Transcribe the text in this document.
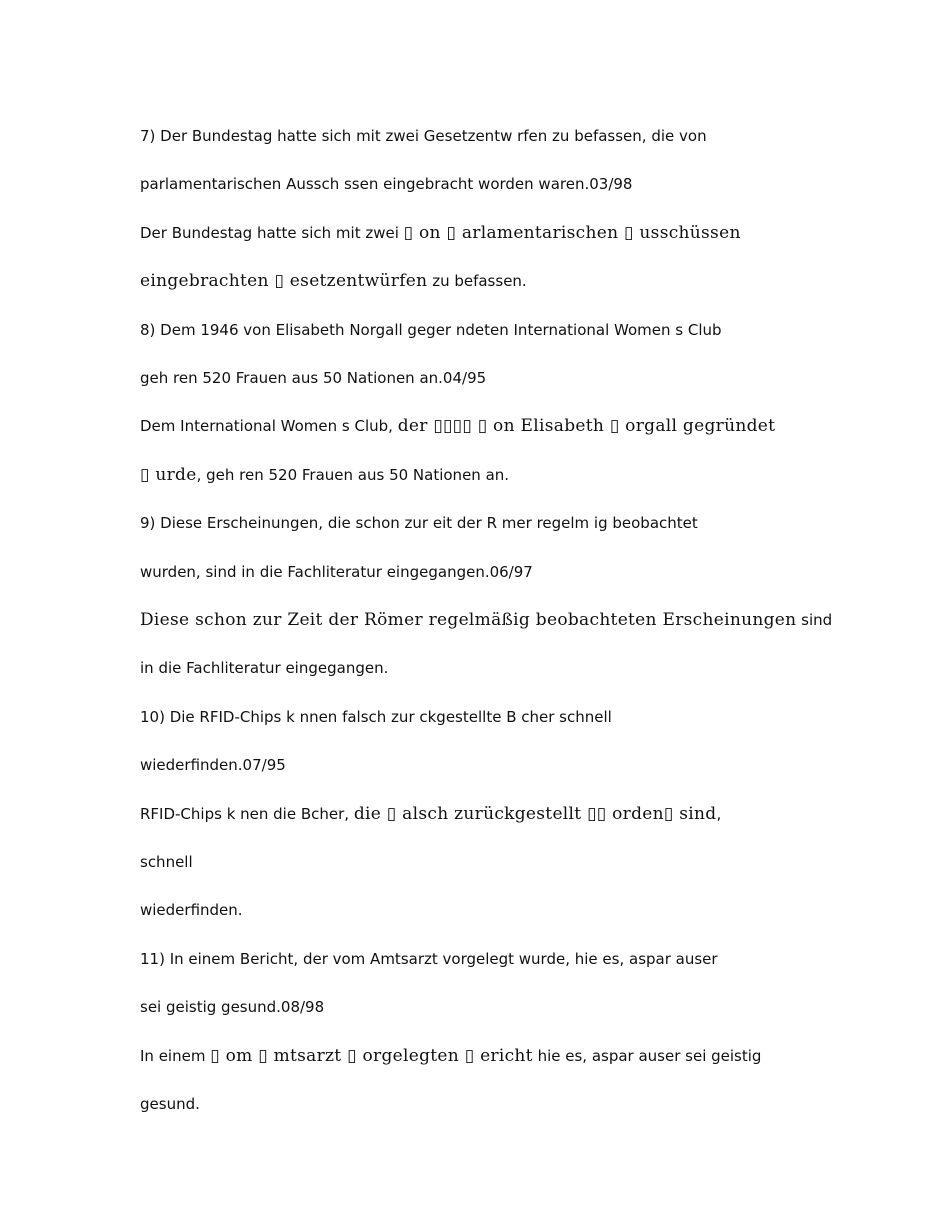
7) Der Bundestag hatte sich mit zwei Gesetzentw rfen zu befassen, die von
parlamentarischen Aussch ssen eingebracht worden waren.03/98
Der Bundestag hatte sich mit zwei ▯ on ▯ arlamentarischen ▯ usschüssen
eingebrachten ▯ esetzentwürfen zu befassen.
8) Dem 1946 von Elisabeth Norgall geger ndeten International Women s Club
geh ren 520 Frauen aus 50 Nationen an.04/95
Dem International Women s Club, der ▯▯▯▯ ▯ on Elisabeth ▯ orgall gegründet
▯ urde, geh ren 520 Frauen aus 50 Nationen an.
9) Diese Erscheinungen, die schon zur eit der R mer regelm ig beobachtet
wurden, sind in die Fachliteratur eingegangen.06/97
Diese schon zur Zeit der Römer regelmäßig beobachteten Erscheinungen sind
in die Fachliteratur eingegangen.
10) Die RFID-Chips k nnen falsch zur ckgestellte B cher schnell
wiederfinden.07/95
RFID-Chips k nen die Bcher, die ▯ alsch zurückgestellt ▯▯ orden▯ sind,
schnell
wiederfinden.
11) In einem Bericht, der vom Amtsarzt vorgelegt wurde, hie es, aspar auser
sei geistig gesund.08/98
In einem ▯ om ▯ mtsarzt ▯ orgelegten ▯ ericht hie es, aspar auser sei geistig
gesund.
